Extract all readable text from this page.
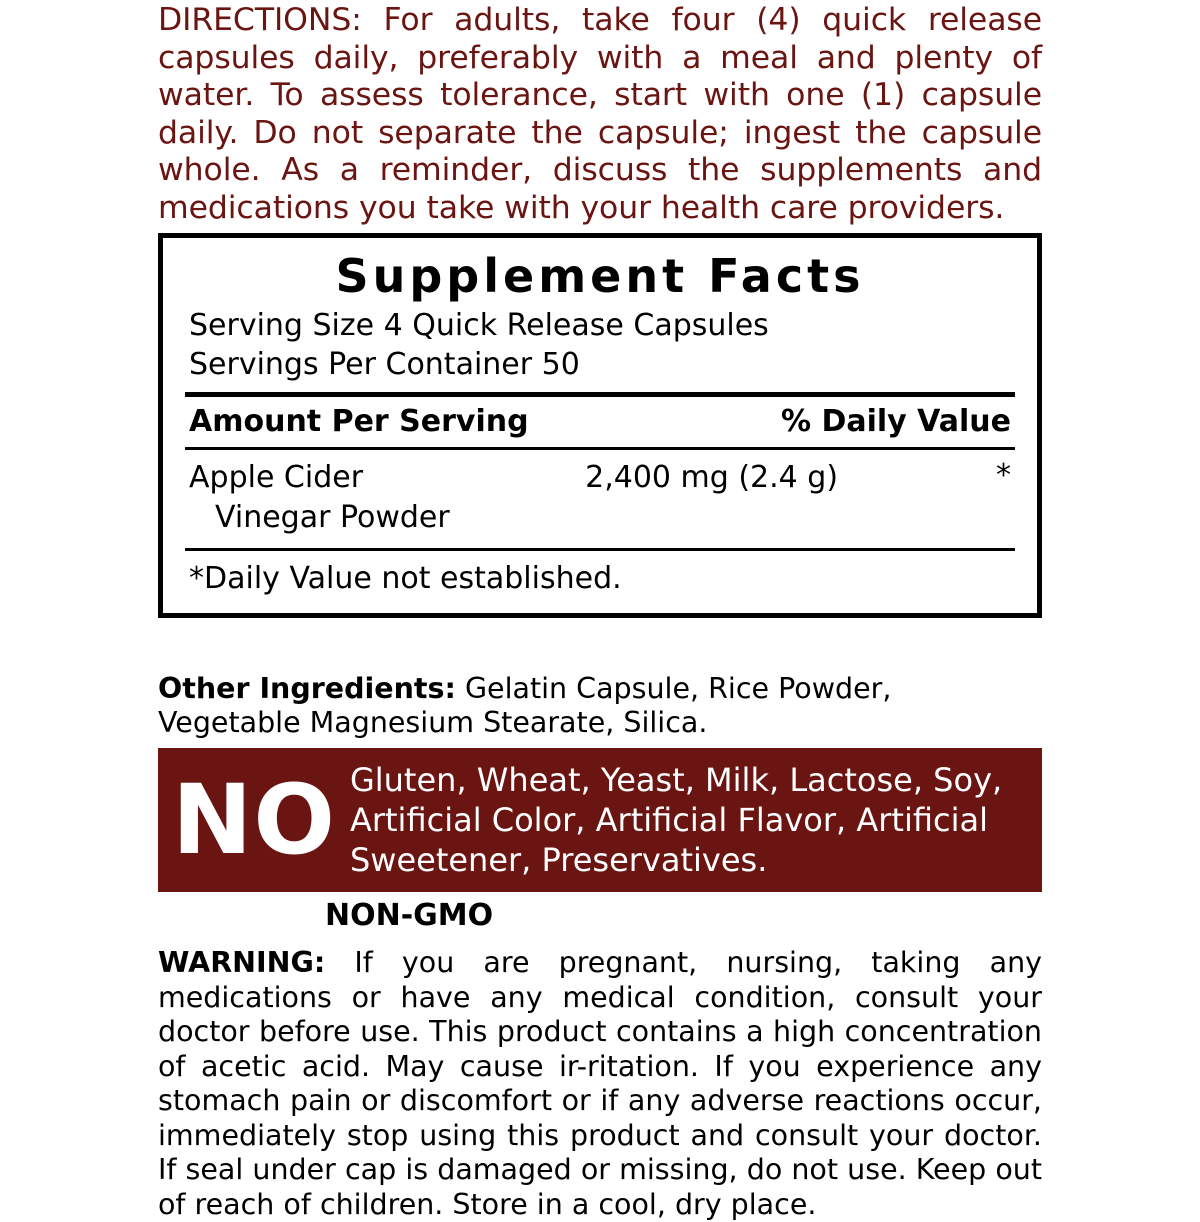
DIRECTIONS: For adults, take four (4) quick release capsules daily, preferably with a meal and plenty of water. To assess tolerance, start with one (1) capsule daily. Do not separate the capsule; ingest the capsule whole. As a reminder, discuss the supplements and medications you take with your health care providers.
Supplement Facts
Serving Size 4 Quick Release Capsules
Servings Per Container 50
Amount Per Serving	% Daily Value
Apple Cider
Vinegar Powder
2,400 mg (2.4 g)	*
*Daily Value not established.
Other Ingredients: Gelatin Capsule, Rice Powder, Vegetable Magnesium Stearate, Silica.
NO Gluten, Wheat, Yeast, Milk, Lactose, Soy, Artificial Color, Artificial Flavor, Artificial Sweetener, Preservatives.
NON-GMO
WARNING: If you are pregnant, nursing, taking any medications or have any medical condition, consult your doctor before use. This product contains a high concentration of acetic acid. May cause ir-ritation. If you experience any stomach pain or discomfort or if any adverse reactions occur, immediately stop using this product and consult your doctor. If seal under cap is damaged or missing, do not use. Keep out of reach of children. Store in a cool, dry place.
